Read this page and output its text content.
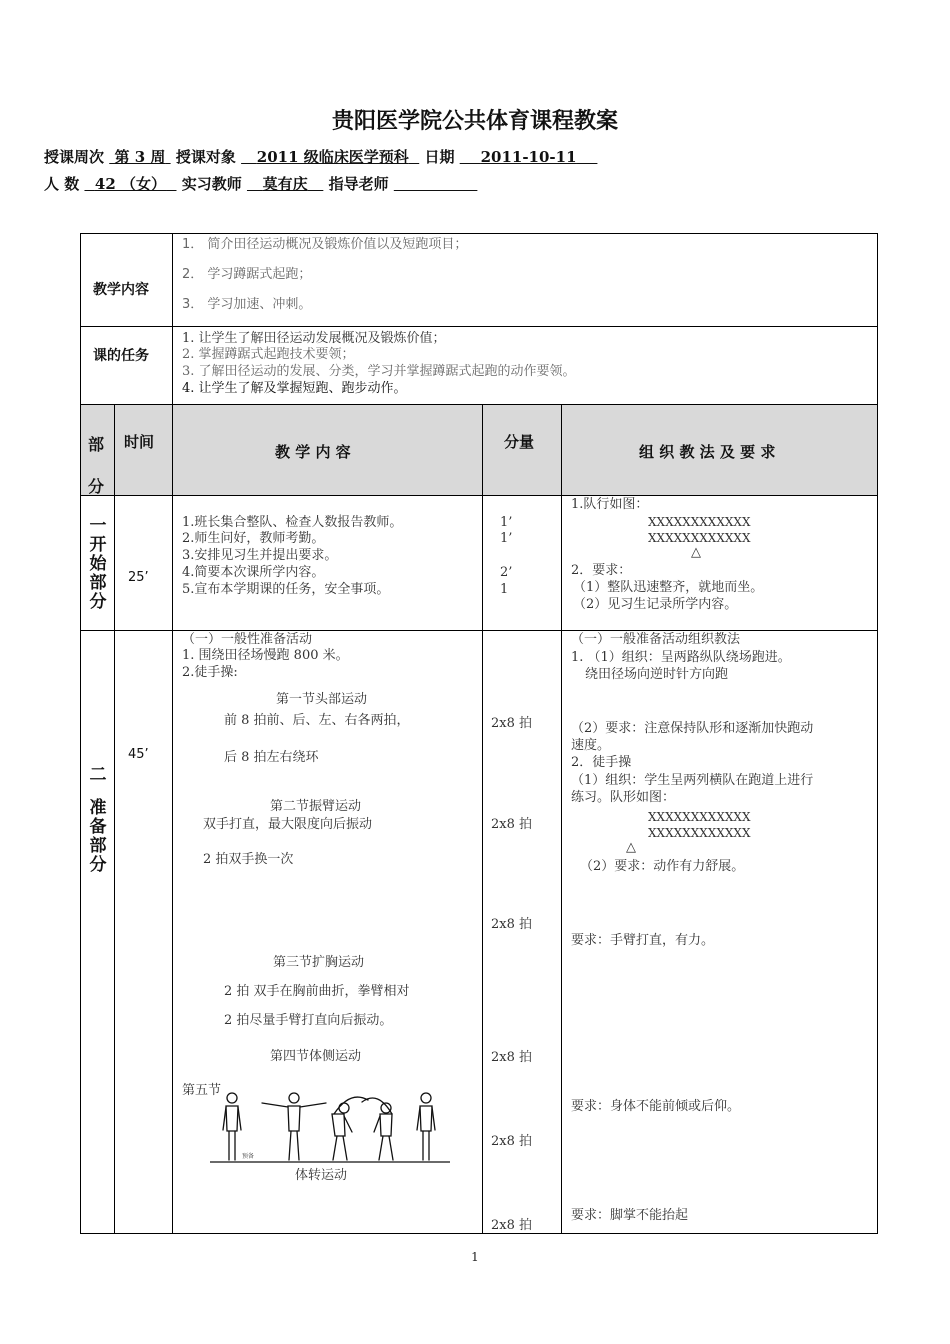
贵阳医学院公共体育课程教案
授课周次 第 3 周 授课对象 2011 级临床医学预科 日期 2011-10-11
人 数 42 （女） 实习教师 莫有庆 指导老师
教学内容
1． 简介田径运动概况及锻炼价值以及短跑项目；
2． 学习蹲踞式起跑；
3． 学习加速、冲刺。
课的任务
1. 让学生了解田径运动发展概况及锻炼价值；
2. 掌握蹲踞式起跑技术要领；
3. 了解田径运动的发展、分类，学习并掌握蹲踞式起跑的动作要领。
4. 让学生了解及掌握短跑、跑步动作。
部
分
时间
教 学 内 容
分量
组 织 教 法 及 要 求
一
开
始
部
分
25’
1.班长集合整队、检查人数报告教师。
2.师生问好，教师考勤。
3.安排见习生并提出要求。
4.简要本次课所学内容。
5.宣布本学期课的任务，安全事项。
1’
1’
2’
1
1.队行如图：
XXXXXXXXXXXX
XXXXXXXXXXXX
△
2．要求：
（1）整队迅速整齐，就地而坐。
（2）见习生记录所学内容。
二
准
备
部
分
45’
（一）一般性准备活动
1. 围绕田径场慢跑 800 米。
2.徒手操:
第一节头部运动
前 8 拍前、后、左、右各两拍，
后 8 拍左右绕环
第二节振臂运动
双手打直，最大限度向后振动
2 拍双手换一次
第三节扩胸运动
2 拍 双手在胸前曲折，拳臂相对
2 拍尽量手臂打直向后振动。
第四节体侧运动
第五节
体转运动
预备
2x8 拍
2x8 拍
2x8 拍
2x8 拍
2x8 拍
2x8 拍
（一）一般准备活动组织教法
1. （1）组织：呈两路纵队绕场跑进。
绕田径场向逆时针方向跑
（2）要求：注意保持队形和逐渐加快跑动
速度。
2．徒手操
（1）组织：学生呈两列横队在跑道上进行
练习。队形如图：
XXXXXXXXXXXX
XXXXXXXXXXXX
△
（2）要求：动作有力舒展。
要求：手臂打直，有力。
要求：身体不能前倾或后仰。
要求：脚掌不能抬起
1
